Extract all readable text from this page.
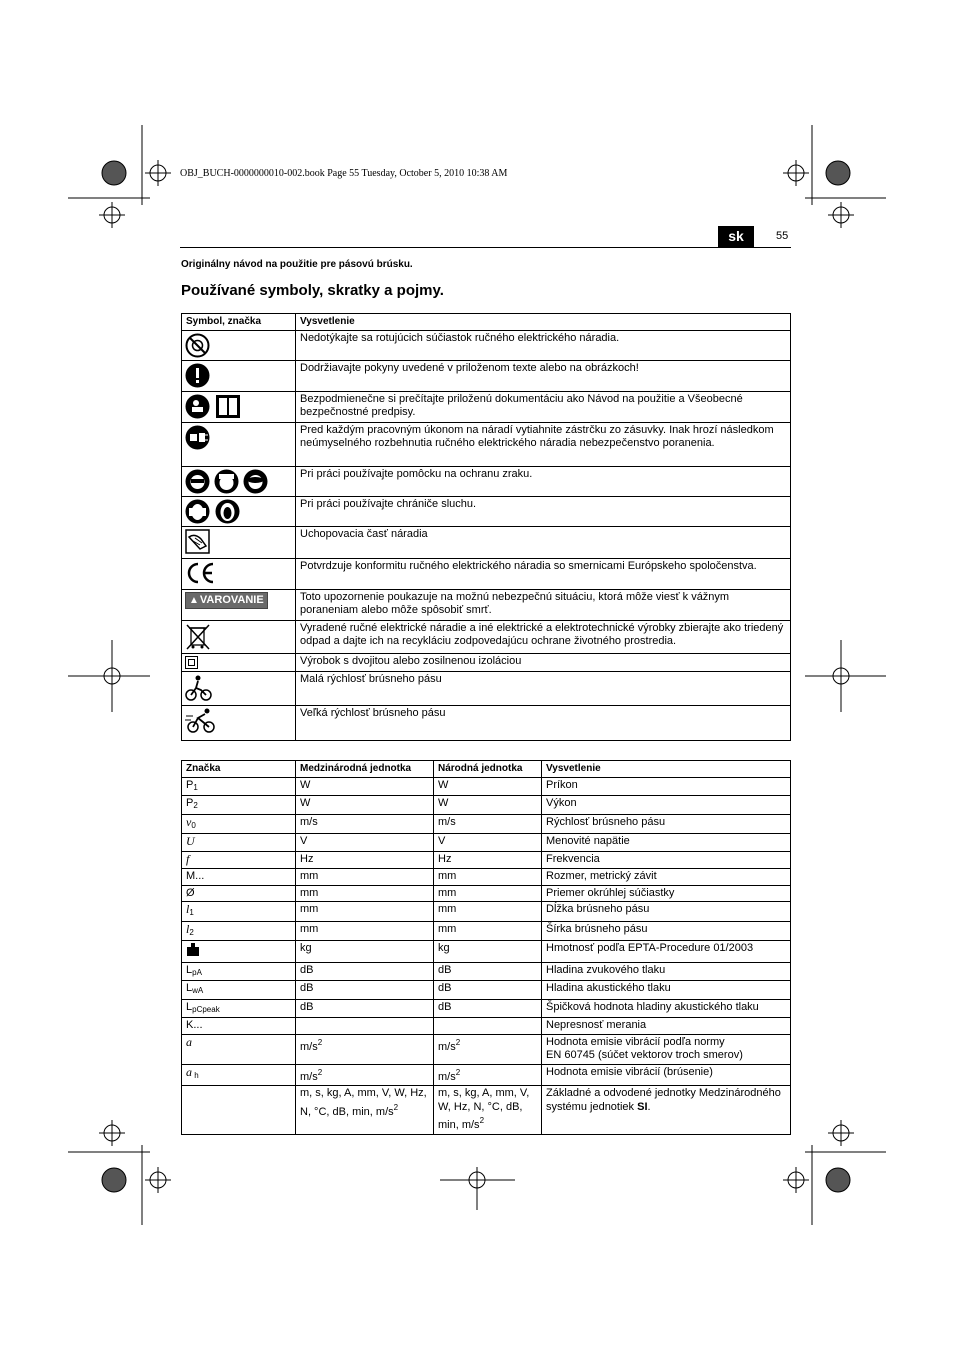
OBJ_BUCH-0000000010-002.book Page 55 Tuesday, October 5, 2010 10:38 AM
sk	55
Originálny návod na použitie pre pásovú brúsku.
Používané symboly, skratky a pojmy.
Symbol, značka	Vysvetlenie
	Nedotýkajte sa rotujúcich súčiastok ručného elektrického náradia.
	Dodržiavajte pokyny uvedené v priloženom texte alebo na obrázkoch!
	Bezpodmienečne si prečítajte priloženú dokumentáciu ako Návod na použitie a Všeobecné bezpečnostné predpisy.
	Pred každým pracovným úkonom na náradí vytiahnite zástrčku zo zásuvky. Inak hrozí následkom neúmyselného rozbehnutia ručného elektrického náradia nebezpečenstvo poranenia.
	Pri práci používajte pomôcku na ochranu zraku.
	Pri práci používajte chrániče sluchu.
	Uchopovacia časť náradia
	Potvrdzuje konformitu ručného elektrického náradia so smernicami Európskeho spoločenstva.
▲VAROVANIE	Toto upozornenie poukazuje na možnú nebezpečnú situáciu, ktorá môže viesť k vážnym poraneniam alebo môže spôsobiť smrť.
	Vyradené ručné elektrické náradie a iné elektrické a elektrotechnické výrobky zbierajte ako triedený odpad a dajte ich na recykláciu zodpovedajúcu ochrane životného prostredia.
	Výrobok s dvojitou alebo zosilnenou izoláciou
	Malá rýchlosť brúsneho pásu
	Veľká rýchlosť brúsneho pásu
Značka	Medzinárodná jednotka	Národná jednotka	Vysvetlenie
$P_1$	W	W	Príkon
$P_2$	W	W	Výkon
$v_0$	m/s	m/s	Rýchlosť brúsneho pásu
U	V	V	Menovité napätie
f	Hz	Hz	Frekvencia
M...	mm	mm	Rozmer, metrický závit
Ø	mm	mm	Priemer okrúhlej súčiastky
$l_1$	mm	mm	Dĺžka brúsneho pásu
$l_2$	mm	mm	Šírka brúsneho pásu
	kg	kg	Hmotnosť podľa EPTA-Procedure 01/2003
$L_{pA}$	dB	dB	Hladina zvukového tlaku
$L_{wA}$	dB	dB	Hladina akustického tlaku
$L_{pCpeak}$	dB	dB	Špičková hodnota hladiny akustického tlaku
K...			Nepresnosť merania
a	$m/s^2$	$m/s^2$	Hodnota emisie vibrácií podľa normy
EN 60745 (súčet vektorov troch smerov)
a $_h$	$m/s^2$	$m/s^2$	Hodnota emisie vibrácií (brúsenie)
	m, s, kg, A, mm, V, W, Hz, N, °C, dB, min, $m/s^2$	m, s, kg, A, mm, V, W, Hz, N, °C, dB, min, $m/s^2$	Základné a odvodené jednotky Medzinárodného systému jednotiek SI.
